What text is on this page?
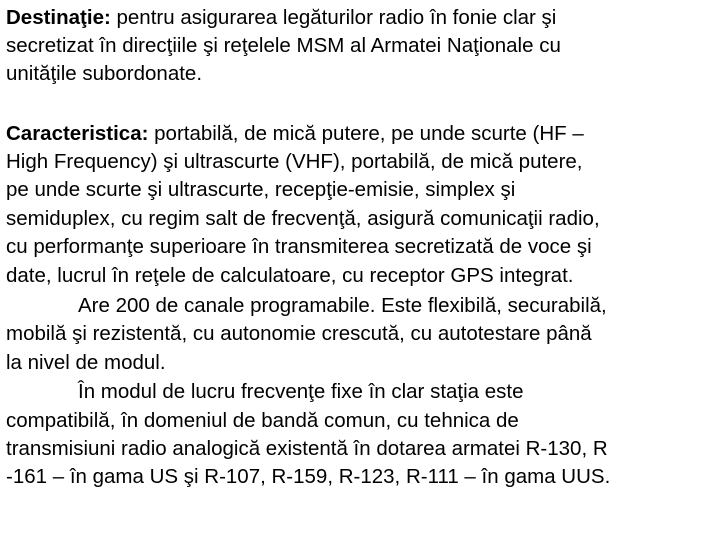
Destinaţie: pentru asigurarea legăturilor radio în fonie clar şi
secretizat în direcţiile şi reţelele MSM al Armatei Naţionale cu
unităţile subordonate.
Caracteristica: portabilă, de mică putere, pe unde scurte (HF –
High Frequency) şi ultrascurte (VHF), portabilă, de mică putere,
pe unde scurte şi ultrascurte, recepţie-emisie, simplex şi
semiduplex, cu regim salt de frecvenţă, asigură comunicaţii radio,
cu performanţe superioare în transmiterea secretizată de voce şi
date, lucrul în reţele de calculatoare, cu receptor GPS integrat.
Are 200 de canale programabile. Este flexibilă, securabilă,
mobilă şi rezistentă, cu autonomie crescută, cu autotestare până
la nivel de modul.
În modul de lucru frecvenţe fixe în clar staţia este
compatibilă, în domeniul de bandă comun, cu tehnica de
transmisiuni radio analogică existentă în dotarea armatei R-130, R
-161 – în gama US şi R-107, R-159, R-123, R-111 – în gama UUS.
